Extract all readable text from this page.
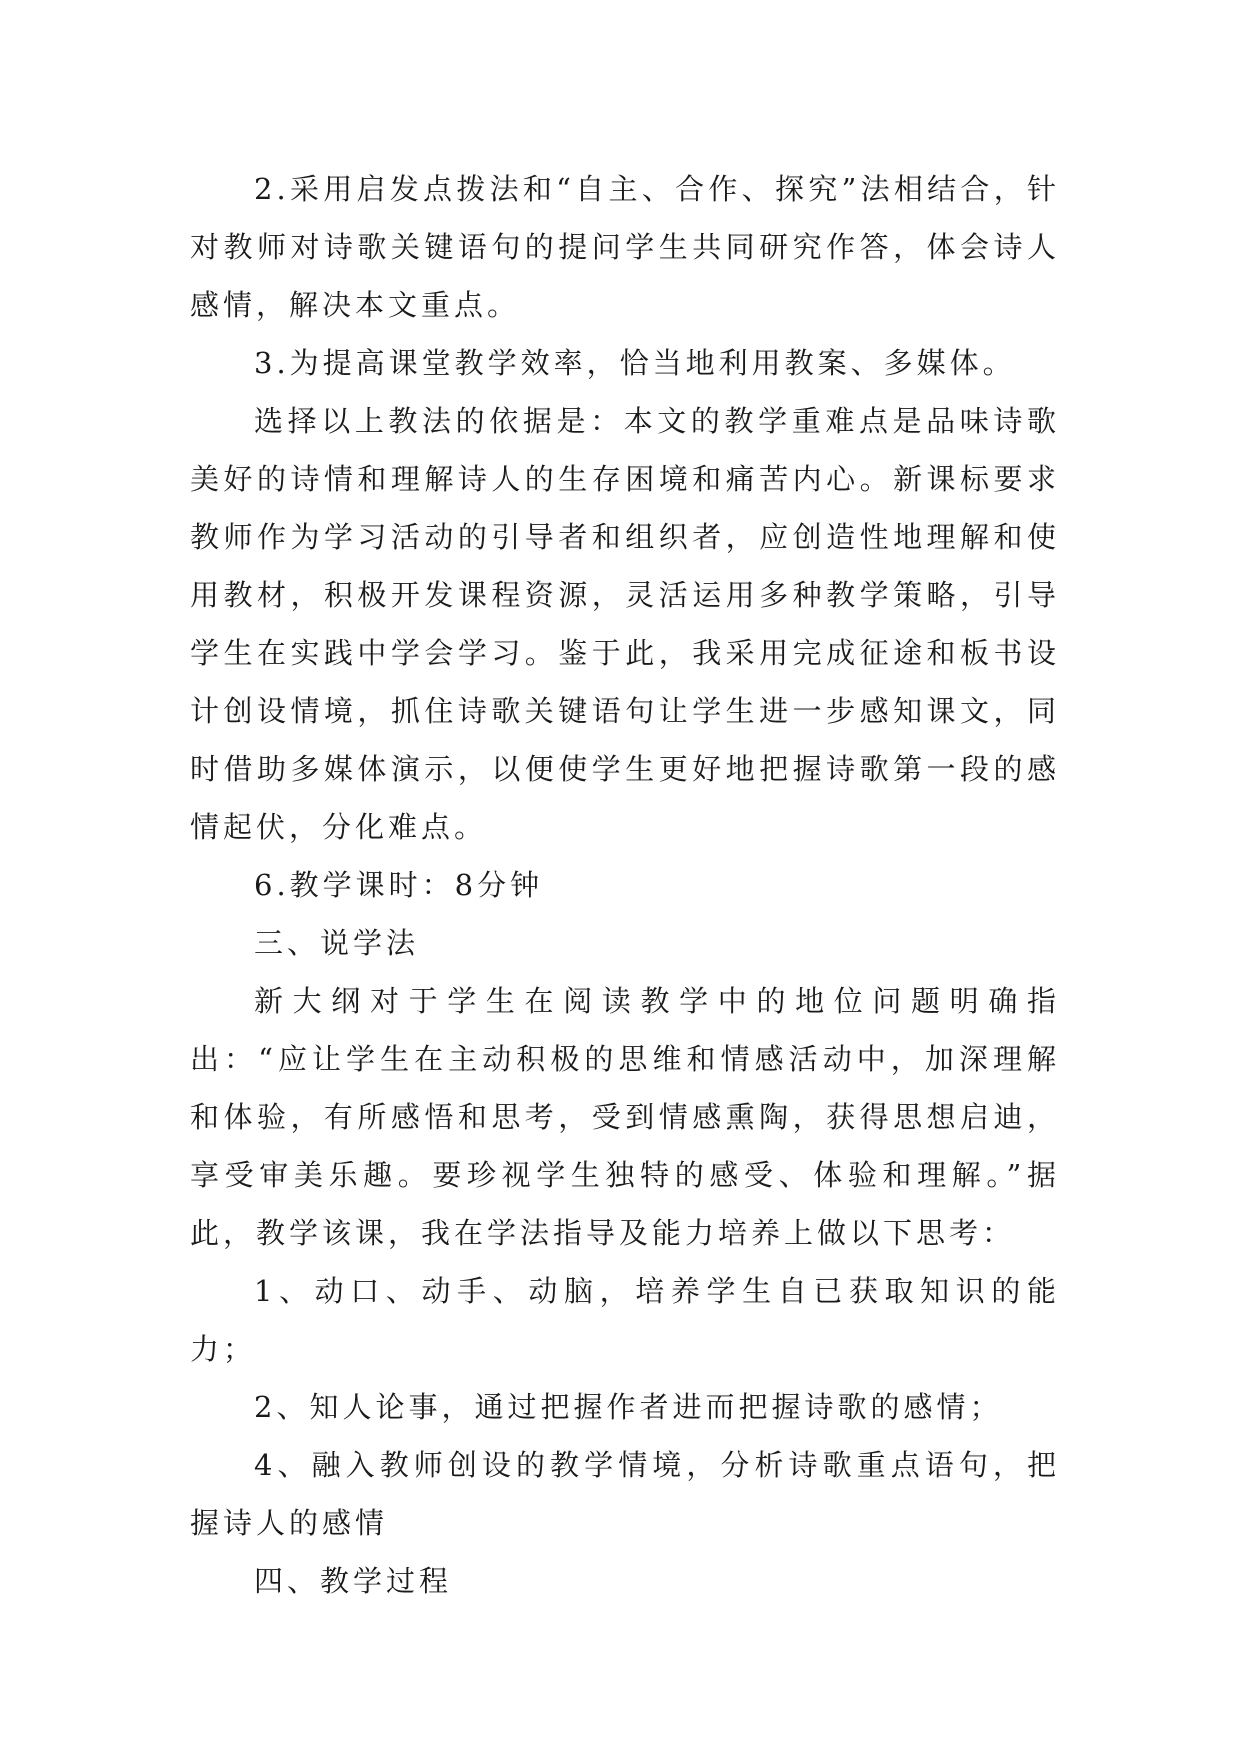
2.采用启发点拨法和“自主、合作、探究”法相结合，针对教师对诗歌关键语句的提问学生共同研究作答，体会诗人感情，解决本文重点。

3.为提高课堂教学效率，恰当地利用教案、多媒体。

选择以上教法的依据是：本文的教学重难点是品味诗歌美好的诗情和理解诗人的生存困境和痛苦内心。新课标要求教师作为学习活动的引导者和组织者，应创造性地理解和使用教材，积极开发课程资源，灵活运用多种教学策略，引导学生在实践中学会学习。鉴于此，我采用完成征途和板书设计创设情境，抓住诗歌关键语句让学生进一步感知课文，同时借助多媒体演示，以便使学生更好地把握诗歌第一段的感情起伏，分化难点。

6.教学课时：8分钟

三、说学法

新大纲对于学生在阅读教学中的地位问题明确指出：“应让学生在主动积极的思维和情感活动中，加深理解和体验，有所感悟和思考，受到情感熏陶，获得思想启迪，享受审美乐趣。要珍视学生独特的感受、体验和理解。”据此，教学该课，我在学法指导及能力培养上做以下思考：

1、动口、动手、动脑，培养学生自已获取知识的能力；

2、知人论事，通过把握作者进而把握诗歌的感情；

4、融入教师创设的教学情境，分析诗歌重点语句，把握诗人的感情

四、教学过程
